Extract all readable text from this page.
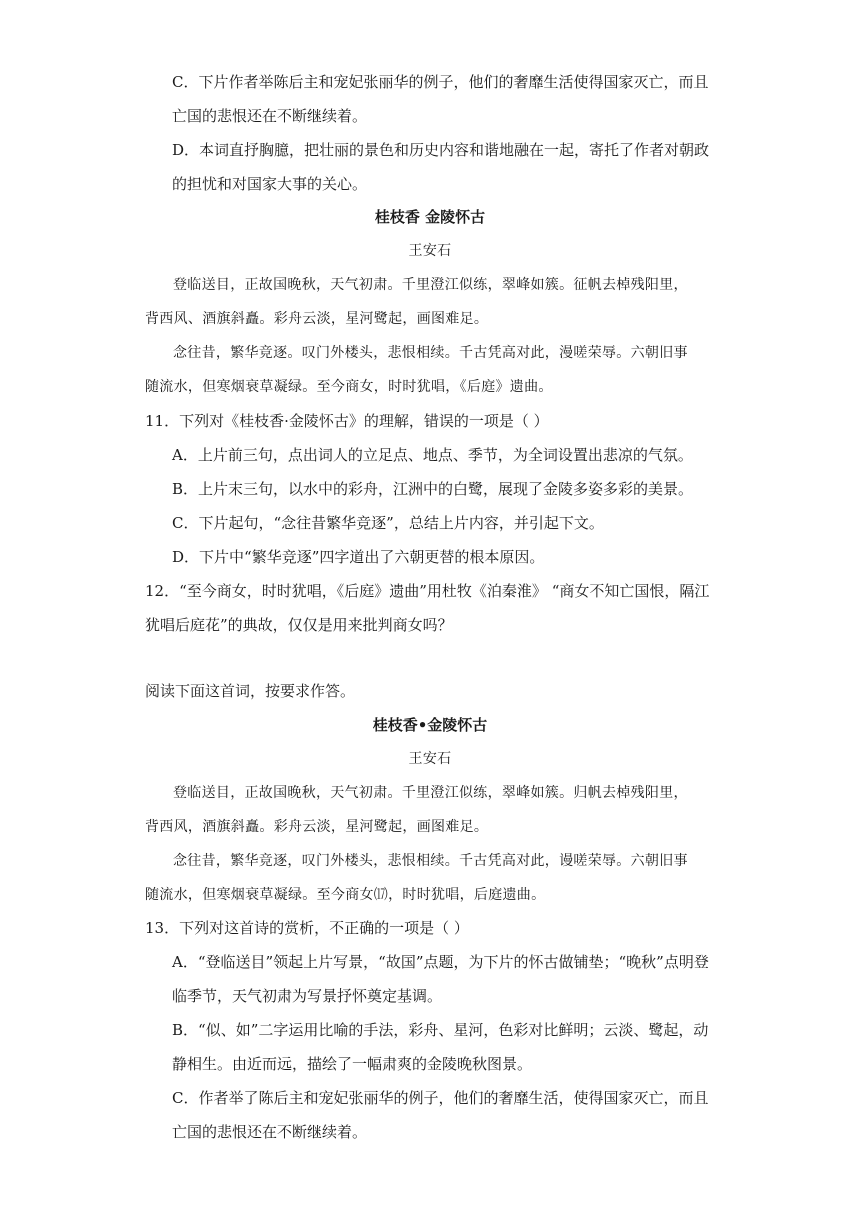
C．下片作者举陈后主和宠妃张丽华的例子，他们的奢靡生活使得国家灭亡，而且
亡国的悲恨还在不断继续着。
D．本词直抒胸臆，把壮丽的景色和历史内容和谐地融在一起，寄托了作者对朝政
的担忧和对国家大事的关心。
桂枝香 金陵怀古
王安石
登临送目，正故国晚秋，天气初肃。千里澄江似练，翠峰如簇。征帆去棹残阳里，
背西风、酒旗斜矗。彩舟云淡，星河鹭起，画图难足。
念往昔，繁华竞逐。叹门外楼头，悲恨相续。千古凭高对此，漫嗟荣辱。六朝旧事
随流水，但寒烟衰草凝绿。至今商女，时时犹唱，《后庭》遗曲。
11．下列对《桂枝香·金陵怀古》的理解，错误的一项是（ ）
A．上片前三句，点出词人的立足点、地点、季节，为全词设置出悲凉的气氛。
B．上片末三句，以水中的彩舟，江洲中的白鹭，展现了金陵多姿多彩的美景。
C．下片起句，“念往昔繁华竞逐”，总结上片内容，并引起下文。
D．下片中“繁华竞逐”四字道出了六朝更替的根本原因。
12．“至今商女，时时犹唱，《后庭》遗曲”用杜牧《泊秦淮》 “商女不知亡国恨，隔江
犹唱后庭花”的典故，仅仅是用来批判商女吗？
阅读下面这首词，按要求作答。
桂枝香•金陵怀古
王安石
登临送目，正故国晚秋，天气初肃。千里澄江似练，翠峰如簇。归帆去棹残阳里，
背西风，酒旗斜矗。彩舟云淡，星河鹭起，画图难足。
念往昔，繁华竞逐，叹门外楼头，悲恨相续。千古凭高对此，谩嗟荣辱。六朝旧事
随流水，但寒烟衰草凝绿。至今商女⒄，时时犹唱，后庭遗曲。
13．下列对这首诗的赏析，不正确的一项是（ ）
A．“登临送目”领起上片写景，“故国”点题，为下片的怀古做铺垫；“晚秋”点明登
临季节，天气初肃为写景抒怀奠定基调。
B．“似、如”二字运用比喻的手法，彩舟、星河，色彩对比鲜明；云淡、鹭起，动
静相生。由近而远，描绘了一幅肃爽的金陵晚秋图景。
C．作者举了陈后主和宠妃张丽华的例子，他们的奢靡生活，使得国家灭亡，而且
亡国的悲恨还在不断继续着。
